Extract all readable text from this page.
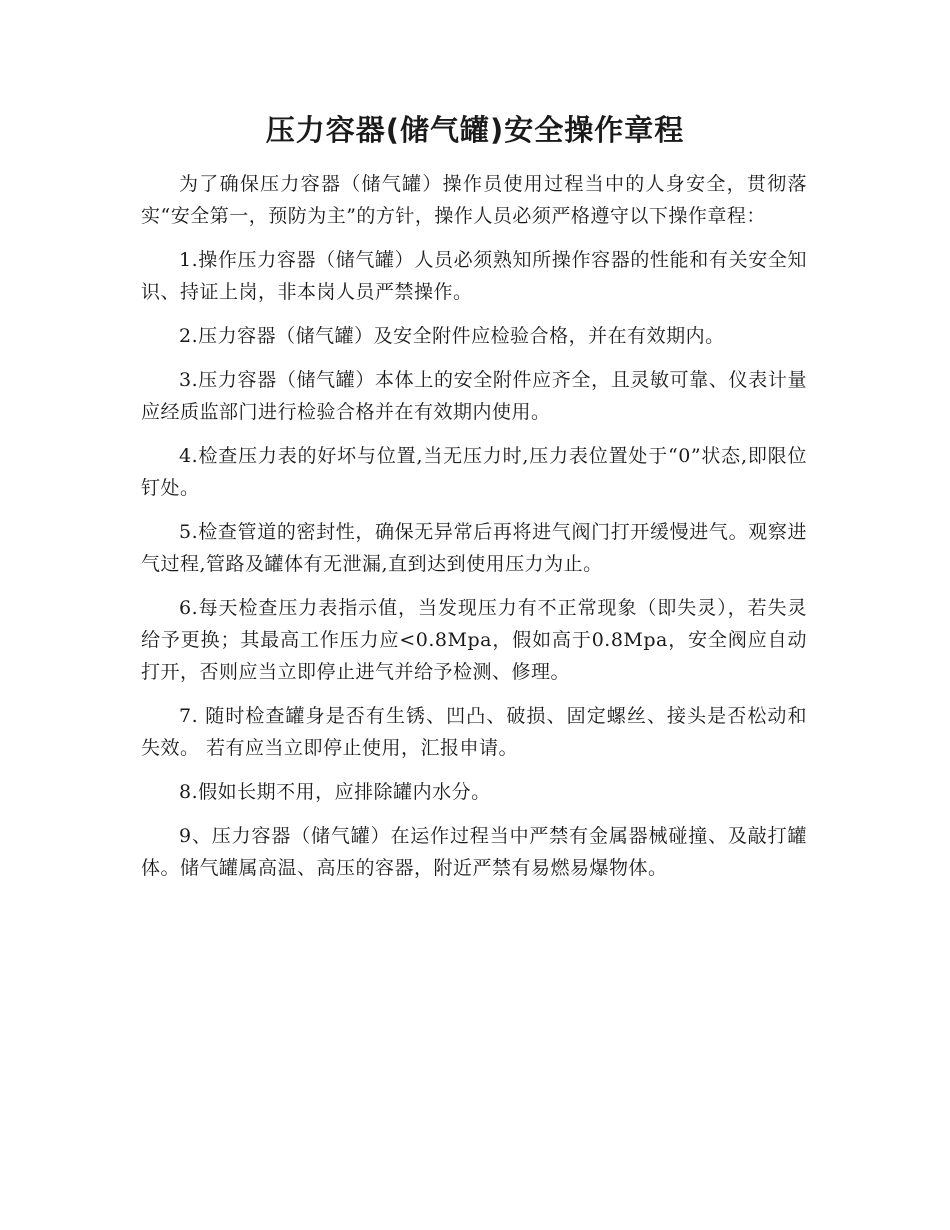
压力容器(储气罐)安全操作章程

为了确保压力容器（储气罐）操作员使用过程当中的人身安全，贯彻落实“安全第一，预防为主”的方针，操作人员必须严格遵守以下操作章程：

1.操作压力容器（储气罐）人员必须熟知所操作容器的性能和有关安全知识、持证上岗，非本岗人员严禁操作。

2.压力容器（储气罐）及安全附件应检验合格，并在有效期内。

3.压力容器（储气罐）本体上的安全附件应齐全，且灵敏可靠、仪表计量应经质监部门进行检验合格并在有效期内使用。

4.检查压力表的好坏与位置,当无压力时,压力表位置处于“0”状态,即限位钉处。

5.检查管道的密封性，确保无异常后再将进气阀门打开缓慢进气。观察进气过程,管路及罐体有无泄漏,直到达到使用压力为止。

6.每天检查压力表指示值，当发现压力有不正常现象（即失灵），若失灵给予更换；其最高工作压力应<0.8Mpa，假如高于0.8Mpa，安全阀应自动打开，否则应当立即停止进气并给予检测、修理。

7. 随时检查罐身是否有生锈、凹凸、破损、固定螺丝、接头是否松动和失效。 若有应当立即停止使用，汇报申请。

8.假如长期不用，应排除罐内水分。

9、压力容器（储气罐）在运作过程当中严禁有金属器械碰撞、及敲打罐体。储气罐属高温、高压的容器，附近严禁有易燃易爆物体。
